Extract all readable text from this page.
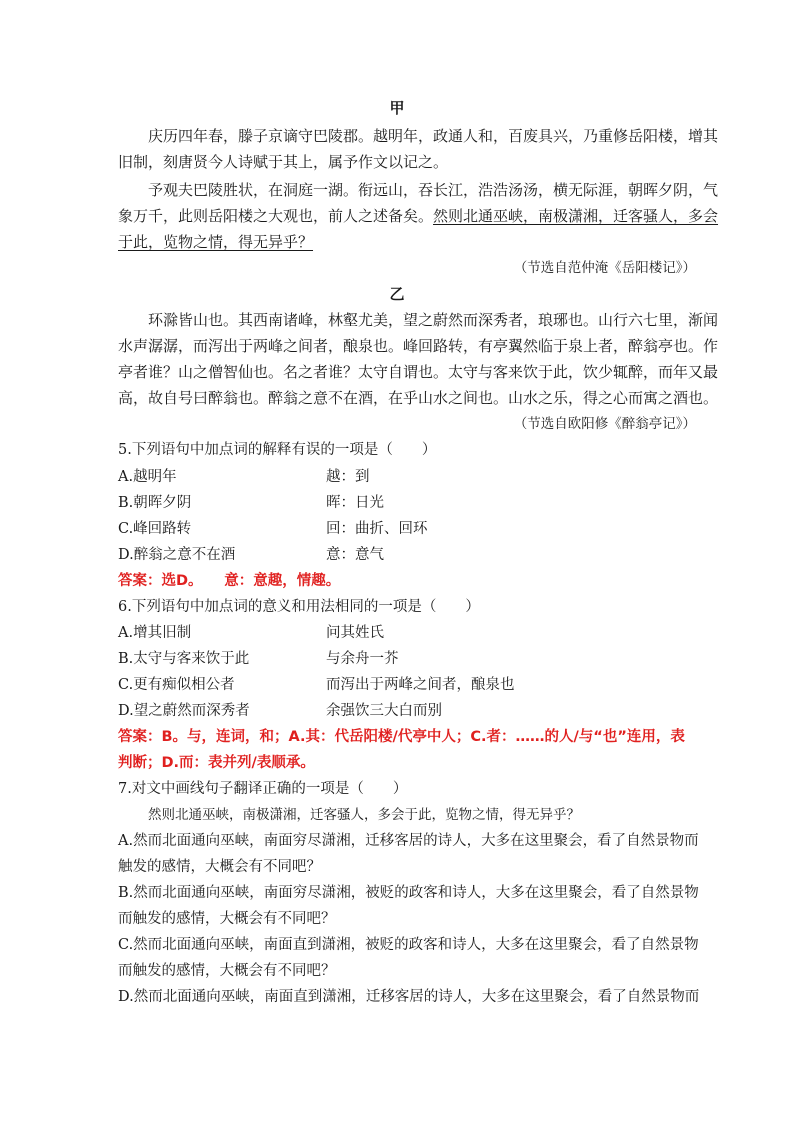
甲
庆历四年春，滕子京谪守巴陵郡。越明年，政通人和，百废具兴，乃重修岳阳楼，增其
旧制，刻唐贤今人诗赋于其上，属予作文以记之。
予观夫巴陵胜状，在洞庭一湖。衔远山，吞长江，浩浩汤汤，横无际涯，朝晖夕阴，气
象万千，此则岳阳楼之大观也，前人之述备矣。然则北通巫峡，南极潇湘，迁客骚人，多会
于此，览物之情，得无异乎？
（节选自范仲淹《岳阳楼记》）
乙
环滁皆山也。其西南诸峰，林壑尤美，望之蔚然而深秀者，琅琊也。山行六七里，渐闻
水声潺潺，而泻出于两峰之间者，酿泉也。峰回路转，有亭翼然临于泉上者，醉翁亭也。作
亭者谁？山之僧智仙也。名之者谁？太守自谓也。太守与客来饮于此，饮少辄醉，而年又最
高，故自号曰醉翁也。醉翁之意不在酒，在乎山水之间也。山水之乐，得之心而寓之酒也。
（节选自欧阳修《醉翁亭记》）
5.下列语句中加点词的解释有误的一项是（　　）
A.越明年	越：到
B.朝晖夕阴	晖：日光
C.峰回路转	回：曲折、回环
D.醉翁之意不在酒	意：意气
答案：选D。　　意：意趣，情趣。
6.下列语句中加点词的意义和用法相同的一项是（　　）
A.增其旧制	问其姓氏
B.太守与客来饮于此	与余舟一芥
C.更有痴似相公者	而泻出于两峰之间者，酿泉也
D.望之蔚然而深秀者	余强饮三大白而别
答案：B。与，连词，和；A.其：代岳阳楼/代亭中人；C.者：……的人/与“也”连用，表
判断；D.而：表并列/表顺承。
7.对文中画线句子翻译正确的一项是（　　）
然则北通巫峡，南极潇湘，迁客骚人，多会于此，览物之情，得无异乎？
A.然而北面通向巫峡，南面穷尽潇湘，迁移客居的诗人，大多在这里聚会，看了自然景物而
触发的感情，大概会有不同吧？
B.然而北面通向巫峡，南面穷尽潇湘，被贬的政客和诗人，大多在这里聚会，看了自然景物
而触发的感情，大概会有不同吧？
C.然而北面通向巫峡，南面直到潇湘，被贬的政客和诗人，大多在这里聚会，看了自然景物
而触发的感情，大概会有不同吧？
D.然而北面通向巫峡，南面直到潇湘，迁移客居的诗人，大多在这里聚会，看了自然景物而
